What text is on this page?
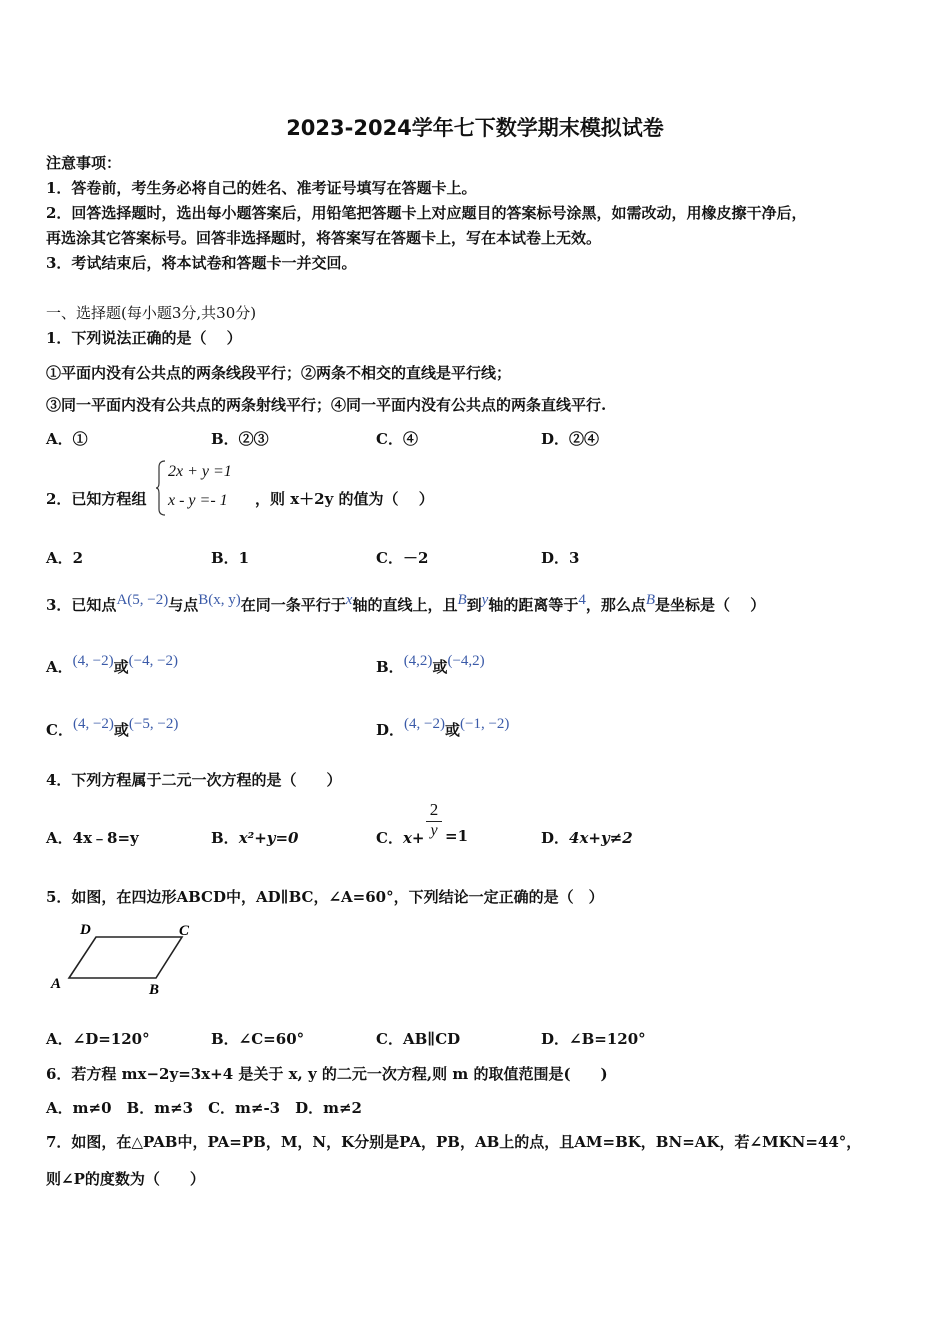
2023-2024学年七下数学期末模拟试卷
注意事项：
1．答卷前，考生务必将自己的姓名、准考证号填写在答题卡上。
2．回答选择题时，选出每小题答案后，用铅笔把答题卡上对应题目的答案标号涂黑，如需改动，用橡皮擦干净后，
再选涂其它答案标号。回答非选择题时，将答案写在答题卡上，写在本试卷上无效。
3．考试结束后，将本试卷和答题卡一并交回。
一、选择题(每小题3分,共30分)
1．下列说法正确的是（　 ）
①平面内没有公共点的两条线段平行；②两条不相交的直线是平行线；
③同一平面内没有公共点的两条射线平行；④同一平面内没有公共点的两条直线平行.
A．①	B．②③	C．④	D．②④
2．已知方程组
2x + y =1
x - y =- 1 ，则 x＋2y 的值为（　 ）
A．2	B．1	C．－2	D．3
3．已知点A(5, −2)与点B(x, y)在同一条平行于x轴的直线上，且B到y轴的距离等于4，那么点B是坐标是（　 ）
A．(4, −2)或(−4, −2)	B．(4,2)或(−4,2)
C．(4, −2)或(−5, −2)	D．(4, −2)或(−1, −2)
4．下列方程属于二元一次方程的是（　　）
A．4x﹣8=y	B．x²+y=0	C．x+
2
y =1	D．4x+y≠2
5．如图，在四边形ABCD中，AD∥BC，∠A=60°，下列结论一定正确的是（　）
D	C
A	B
A．∠D=120°	B．∠C=60°	C．AB∥CD	D．∠B=120°
6．若方程 mx−2y=3x+4 是关于 x, y 的二元一次方程,则 m 的取值范围是(　　)
A．m≠0　B．m≠3　C．m≠-3　D．m≠2
7．如图，在△PAB中，PA=PB，M，N，K分别是PA，PB，AB上的点，且AM=BK，BN=AK，若∠MKN=44°，
则∠P的度数为（　　）
